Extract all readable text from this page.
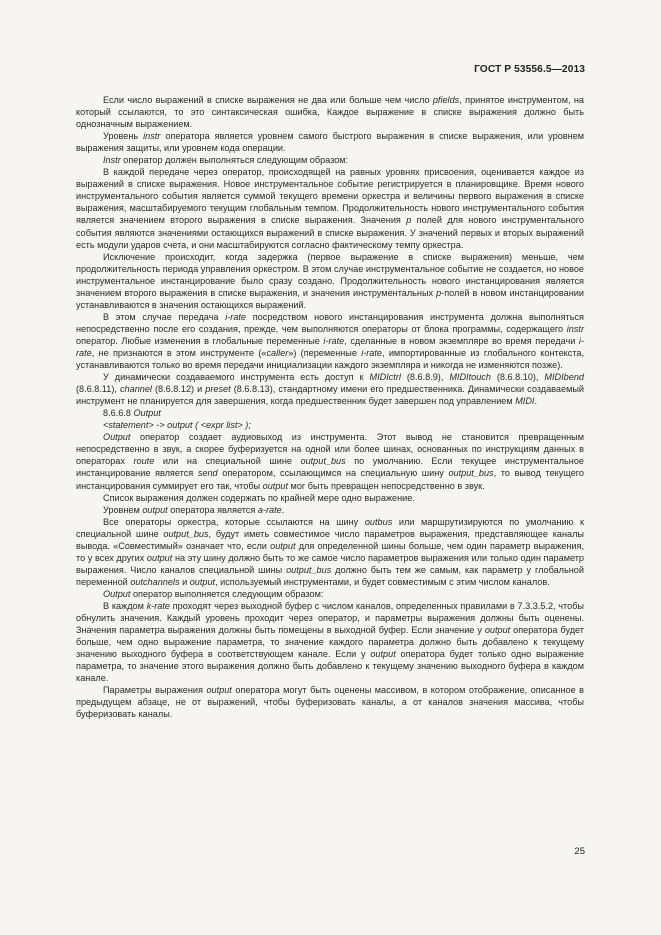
ГОСТ Р 53556.5—2013

Если число выражений в списке выражения не два или больше чем число pfields, принятое инструментом, на который ссылаются, то это синтаксическая ошибка, Каждое выражение в списке выражения должно быть однозначным выражением.

Уровень instr оператора является уровнем самого быстрого выражения в списке выражения, или уровнем выражения защиты, или уровнем кода операции.

Instr оператор должен выполняться следующим образом:

В каждой передаче через оператор, происходящей на равных уровнях присвоения, оценивается каждое из выражений в списке выражения. Новое инструментальное событие регистрируется в планировщике. Время нового инструментального события является суммой текущего времени оркестра и величины первого выражения в списке выражения, масштабируемого текущим глобальным темпом. Продолжительность нового инструментального события является значением второго выражения в списке выражения. Значения p полей для нового инструментального события являются значениями остающихся выражений в списке выражения. У значений первых и вторых выражений есть модули ударов счета, и они масштабируются согласно фактическому темпу оркестра.

Исключение происходит, когда задержка (первое выражение в списке выражения) меньше, чем продолжительность периода управления оркестром. В этом случае инструментальное событие не создается, но новое инструментальное инстанцирование было сразу создано. Продолжительность нового инстанцирования является значением второго выражения в списке выражения, и значения инструментальных p-полей в новом инстанцировании устанавливаются в значения остающихся выражений.

В этом случае передача i-rate посредством нового инстанцирования инструмента должна выполняться непосредственно после его создания, прежде, чем выполняются операторы от блока программы, содержащего instr оператор. Любые изменения в глобальные переменные i-rate, сделанные в новом экземпляре во время передачи i-rate, не признаются в этом инструменте («caller») (переменные i-rate, импортированные из глобального контекста, устанавливаются только во время передачи инициализации каждого экземпляра и никогда не изменяются позже).

У динамически создаваемого инструмента есть доступ к MIDIctrl (8.6.8.9), MIDItouch (8.6.8.10), MIDIbend (8.6.8.11), channel (8.6.8.12) и preset (8.6.8.13), стандартному имени его предшественника. Динамически создаваемый инструмент не планируется для завершения, когда предшественник будет завершен под управлением MIDI.

8.6.6.8 Output

<statement> -> output ( <expr list> );

Output оператор создает аудиовыход из инструмента. Этот вывод не становится превращенным непосредственно в звук, а скорее буферизуется на одной или более шинах, основанных по инструкциям данных в операторах route или на специальной шине output_bus по умолчанию. Если текущее инструментальное инстанцирование является send оператором, ссылающимся на специальную шину output_bus, то вывод текущего инстанцирования суммирует его так, чтобы output мог быть превращен непосредственно в звук.

Список выражения должен содержать по крайней мере одно выражение.

Уровнем output оператора является a-rate.

Все операторы оркестра, которые ссылаются на шину outbus или маршрутизируются по умолчанию к специальной шине output_bus, будут иметь совместимое число параметров выражения, представляющее каналы вывода. «Совместимый» означает что, если output для определенной шины больше, чем один параметр выражения, то у всех других output на эту шину должно быть то же самое число параметров выражения или только один параметр выражения. Число каналов специальной шины output_bus должно быть тем же самым, как параметр у глобальной переменной outchannels и output, используемый инструментами, и будет совместимым с этим числом каналов.

Output оператор выполняется следующим образом:

В каждом k-rate проходят через выходной буфер с числом каналов, определенных правилами в 7.3.3.5.2, чтобы обнулить значения. Каждый уровень проходит через оператор, и параметры выражения должны быть оценены. Значения параметра выражения должны быть помещены в выходной буфер. Если значение у output оператора будет больше, чем одно выражение параметра, то значение каждого параметра должно быть добавлено к текущему значению выходного буфера в соответствующем канале. Если у output оператора будет только одно выражение параметра, то значение этого выражения должно быть добавлено к текущему значению выходного буфера в каждом канале.

Параметры выражения output оператора могут быть оценены массивом, в котором отображение, описанное в предыдущем абзаце, не от выражений, чтобы буферизовать каналы, а от каналов значения массива, чтобы буферизовать каналы.

25
